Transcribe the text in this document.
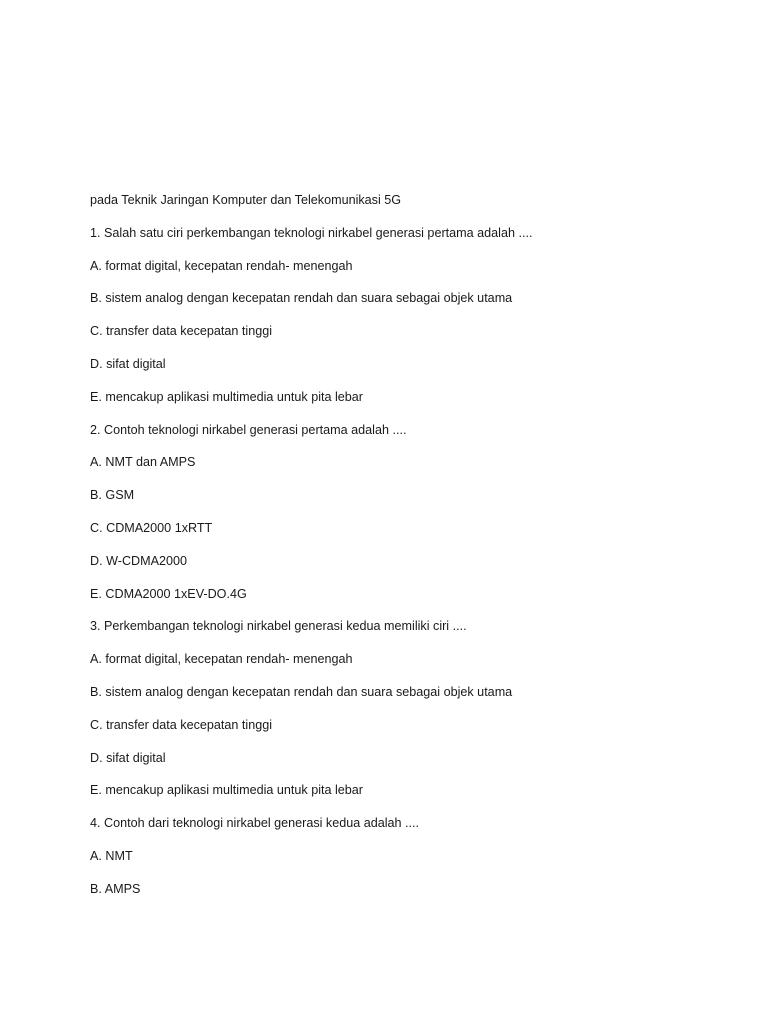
pada Teknik Jaringan Komputer dan Telekomunikasi 5G
1. Salah satu ciri perkembangan teknologi nirkabel generasi pertama adalah ....
A. format digital, kecepatan rendah- menengah
B. sistem analog dengan kecepatan rendah dan suara sebagai objek utama
C. transfer data kecepatan tinggi
D. sifat digital
E. mencakup aplikasi multimedia untuk pita lebar
2. Contoh teknologi nirkabel generasi pertama adalah ....
A. NMT dan AMPS
B. GSM
C. CDMA2000 1xRTT
D. W-CDMA2000
E. CDMA2000 1xEV-DO.4G
3. Perkembangan teknologi nirkabel generasi kedua memiliki ciri ....
A. format digital, kecepatan rendah- menengah
B. sistem analog dengan kecepatan rendah dan suara sebagai objek utama
C. transfer data kecepatan tinggi
D. sifat digital
E. mencakup aplikasi multimedia untuk pita lebar
4. Contoh dari teknologi nirkabel generasi kedua adalah ....
A. NMT
B. AMPS
